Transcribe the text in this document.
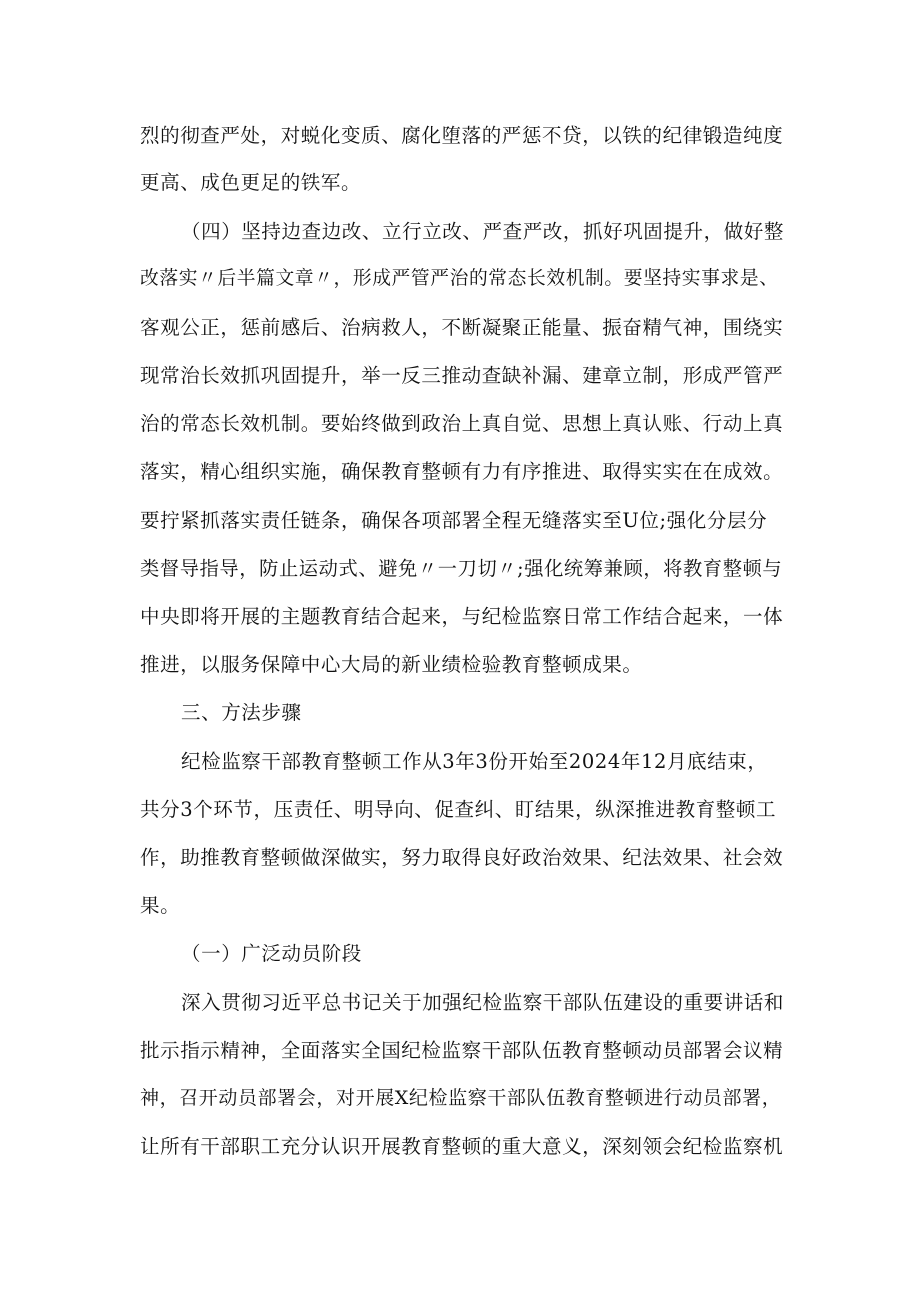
烈的彻查严处，对蜕化变质、腐化堕落的严惩不贷，以铁的纪律锻造纯度
更高、成色更足的铁军。
（四）坚持边查边改、立行立改、严查严改，抓好巩固提升，做好整
改落实〃后半篇文章〃，形成严管严治的常态长效机制。要坚持实事求是、
客观公正，惩前感后、治病救人，不断凝聚正能量、振奋精气神，围绕实
现常治长效抓巩固提升，举一反三推动查缺补漏、建章立制，形成严管严
治的常态长效机制。要始终做到政治上真自觉、思想上真认账、行动上真
落实，精心组织实施，确保教育整顿有力有序推进、取得实实在在成效。
要拧紧抓落实责任链条，确保各项部署全程无缝落实至U位;强化分层分
类督导指导，防止运动式、避免〃一刀切〃;强化统筹兼顾，将教育整顿与
中央即将开展的主题教育结合起来，与纪检监察日常工作结合起来，一体
推进，以服务保障中心大局的新业绩检验教育整顿成果。
三、方法步骤
纪检监察干部教育整顿工作从3年3份开始至2024年12月底结束，
共分3个环节，压责任、明导向、促查纠、盯结果，纵深推进教育整顿工
作，助推教育整顿做深做实，努力取得良好政治效果、纪法效果、社会效
果。
（一）广泛动员阶段
深入贯彻习近平总书记关于加强纪检监察干部队伍建设的重要讲话和
批示指示精神，全面落实全国纪检监察干部队伍教育整顿动员部署会议精
神，召开动员部署会，对开展X纪检监察干部队伍教育整顿进行动员部署，
让所有干部职工充分认识开展教育整顿的重大意义，深刻领会纪检监察机
